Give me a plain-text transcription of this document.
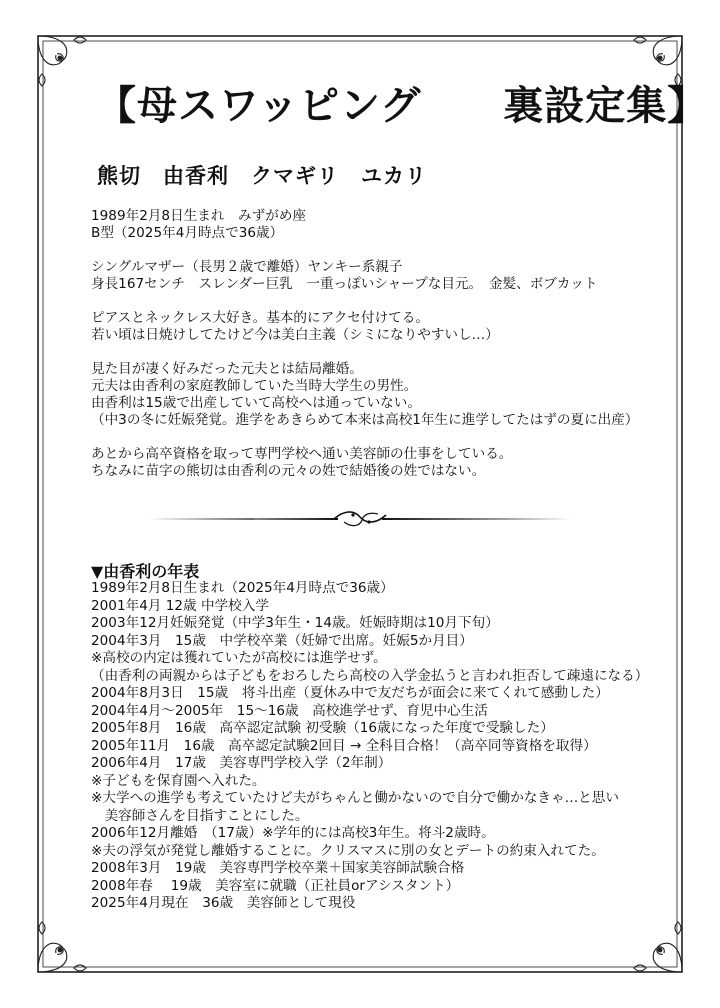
【母スワッピング　　裏設定集】
熊切　由香利　クマギリ　ユカリ
1989年2月8日生まれ　みずがめ座
B型（2025年4月時点で36歳）
シングルマザー（長男２歳で離婚）ヤンキー系親子
身長167センチ　スレンダー巨乳　一重っぽいシャープな目元。　金髪、ボブカット
ピアスとネックレス大好き。基本的にアクセ付けてる。
若い頃は日焼けしてたけど今は美白主義（シミになりやすいし…）
見た目が凄く好みだった元夫とは結局離婚。
元夫は由香利の家庭教師していた当時大学生の男性。
由香利は15歳で出産していて高校へは通っていない。
（中3の冬に妊娠発覚。進学をあきらめて本来は高校1年生に進学してたはずの夏に出産）
あとから高卒資格を取って専門学校へ通い美容師の仕事をしている。
ちなみに苗字の熊切は由香利の元々の姓で結婚後の姓ではない。
▼由香利の年表
1989年2月8日生まれ（2025年4月時点で36歳）
2001年4月 12歳 中学校入学
2003年12月妊娠発覚（中学3年生・14歳。妊娠時期は10月下旬）
2004年3月　15歳　中学校卒業（妊婦で出席。妊娠5か月目）
※高校の内定は獲れていたが高校には進学せず。
（由香利の両親からは子どもをおろしたら高校の入学金払うと言われ拒否して疎遠になる）
2004年8月3日　15歳　将斗出産（夏休み中で友だちが面会に来てくれて感動した）
2004年4月～2005年　15～16歳　高校進学せず、育児中心生活
2005年8月　16歳　高卒認定試験 初受験（16歳になった年度で受験した）
2005年11月　16歳　高卒認定試験2回目 → 全科目合格！（高卒同等資格を取得）
2006年4月　17歳　美容専門学校入学（2年制）
※子どもを保育園へ入れた。
※大学への進学も考えていたけど夫がちゃんと働かないので自分で働かなきゃ…と思い
　美容師さんを目指すことにした。
2006年12月離婚　（17歳）※学年的には高校3年生。将斗2歳時。
※夫の浮気が発覚し離婚することに。クリスマスに別の女とデートの約束入れてた。
2008年3月　19歳　美容専門学校卒業＋国家美容師試験合格
2008年春　 19歳　美容室に就職（正社員orアシスタント）
2025年4月現在　36歳　美容師として現役
